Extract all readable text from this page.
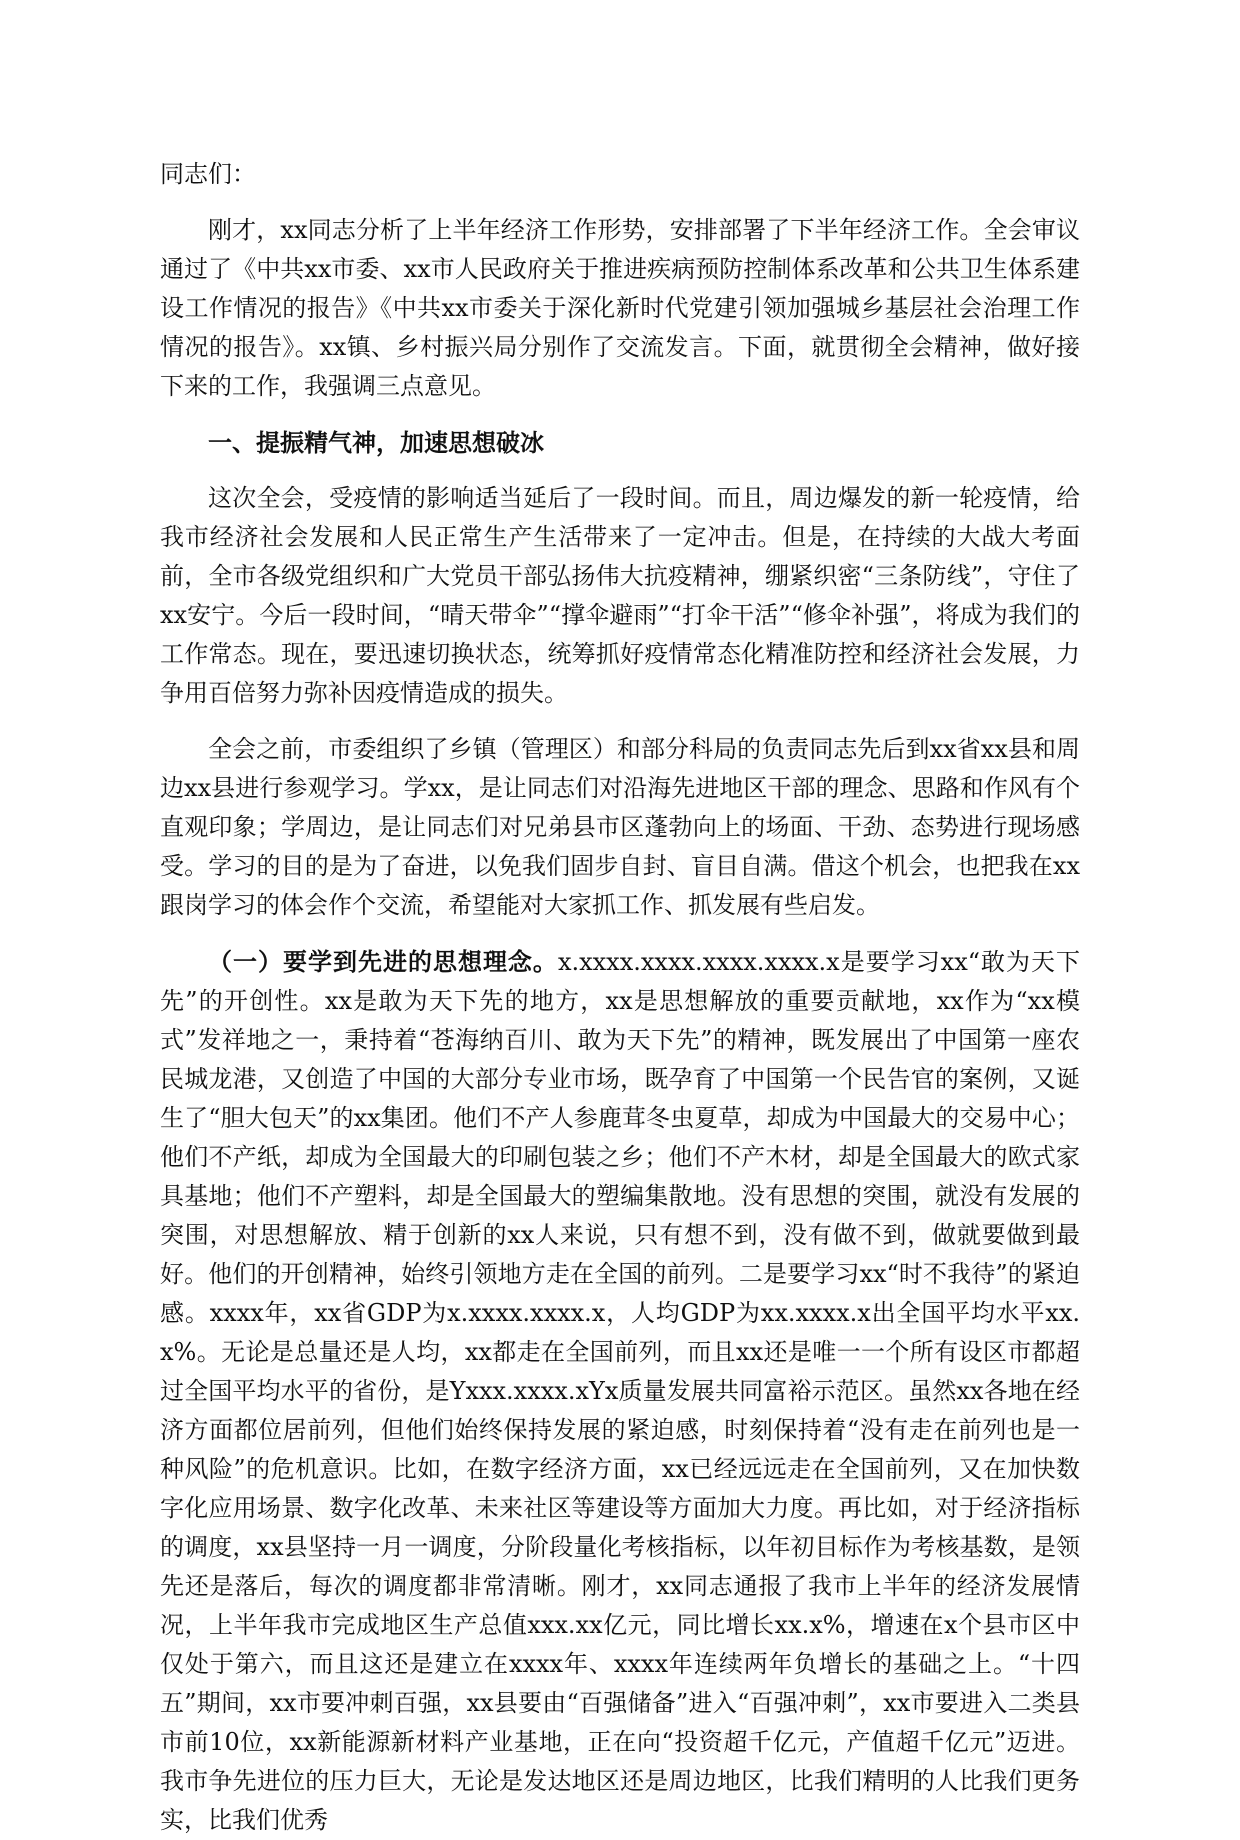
同志们：

刚才，xx同志分析了上半年经济工作形势，安排部署了下半年经济工作。全会审议通过了《中共xx市委、xx市人民政府关于推进疾病预防控制体系改革和公共卫生体系建设工作情况的报告》《中共xx市委关于深化新时代党建引领加强城乡基层社会治理工作情况的报告》。xx镇、乡村振兴局分别作了交流发言。下面，就贯彻全会精神，做好接下来的工作，我强调三点意见。

一、提振精气神，加速思想破冰

这次全会，受疫情的影响适当延后了一段时间。而且，周边爆发的新一轮疫情，给我市经济社会发展和人民正常生产生活带来了一定冲击。但是，在持续的大战大考面前，全市各级党组织和广大党员干部弘扬伟大抗疫精神，绷紧织密“三条防线”，守住了xx安宁。今后一段时间，“晴天带伞”“撑伞避雨”“打伞干活”“修伞补强”，将成为我们的工作常态。现在，要迅速切换状态，统筹抓好疫情常态化精准防控和经济社会发展，力争用百倍努力弥补因疫情造成的损失。

全会之前，市委组织了乡镇（管理区）和部分科局的负责同志先后到xx省xx县和周边xx县进行参观学习。学xx，是让同志们对沿海先进地区干部的理念、思路和作风有个直观印象；学周边，是让同志们对兄弟县市区蓬勃向上的场面、干劲、态势进行现场感受。学习的目的是为了奋进，以免我们固步自封、盲目自满。借这个机会，也把我在xx跟岗学习的体会作个交流，希望能对大家抓工作、抓发展有些启发。

（一）要学到先进的思想理念。x.xxxx.xxxx.xxxx.xxxx.x是要学习xx“敢为天下先”的开创性。xx是敢为天下先的地方，xx是思想解放的重要贡献地，xx作为“xx模式”发祥地之一，秉持着“苍海纳百川、敢为天下先”的精神，既发展出了中国第一座农民城龙港，又创造了中国的大部分专业市场，既孕育了中国第一个民告官的案例，又诞生了“胆大包天”的xx集团。他们不产人参鹿茸冬虫夏草，却成为中国最大的交易中心；他们不产纸，却成为全国最大的印刷包装之乡；他们不产木材，却是全国最大的欧式家具基地；他们不产塑料，却是全国最大的塑编集散地。没有思想的突围，就没有发展的突围，对思想解放、精于创新的xx人来说，只有想不到，没有做不到，做就要做到最好。他们的开创精神，始终引领地方走在全国的前列。二是要学习xx“时不我待”的紧迫感。xxxx年，xx省GDP为x.xxxx.xxxx.x，人均GDP为xx.xxxx.x出全国平均水平xx.x%。无论是总量还是人均，xx都走在全国前列，而且xx还是唯一一个所有设区市都超过全国平均水平的省份，是Yxxx.xxxx.xYx质量发展共同富裕示范区。虽然xx各地在经济方面都位居前列，但他们始终保持发展的紧迫感，时刻保持着“没有走在前列也是一种风险”的危机意识。比如，在数字经济方面，xx已经远远走在全国前列，又在加快数字化应用场景、数字化改革、未来社区等建设等方面加大力度。再比如，对于经济指标的调度，xx县坚持一月一调度，分阶段量化考核指标，以年初目标作为考核基数，是领先还是落后，每次的调度都非常清晰。刚才，xx同志通报了我市上半年的经济发展情况，上半年我市完成地区生产总值xxx.xx亿元，同比增长xx.x%，增速在x个县市区中仅处于第六，而且这还是建立在xxxx年、xxxx年连续两年负增长的基础之上。“十四五”期间，xx市要冲刺百强，xx县要由“百强储备”进入“百强冲刺”，xx市要进入二类县市前10位，xx新能源新材料产业基地，正在向“投资超千亿元，产值超千亿元”迈进。我市争先进位的压力巨大，无论是发达地区还是周边地区，比我们精明的人比我们更务实，比我们优秀
